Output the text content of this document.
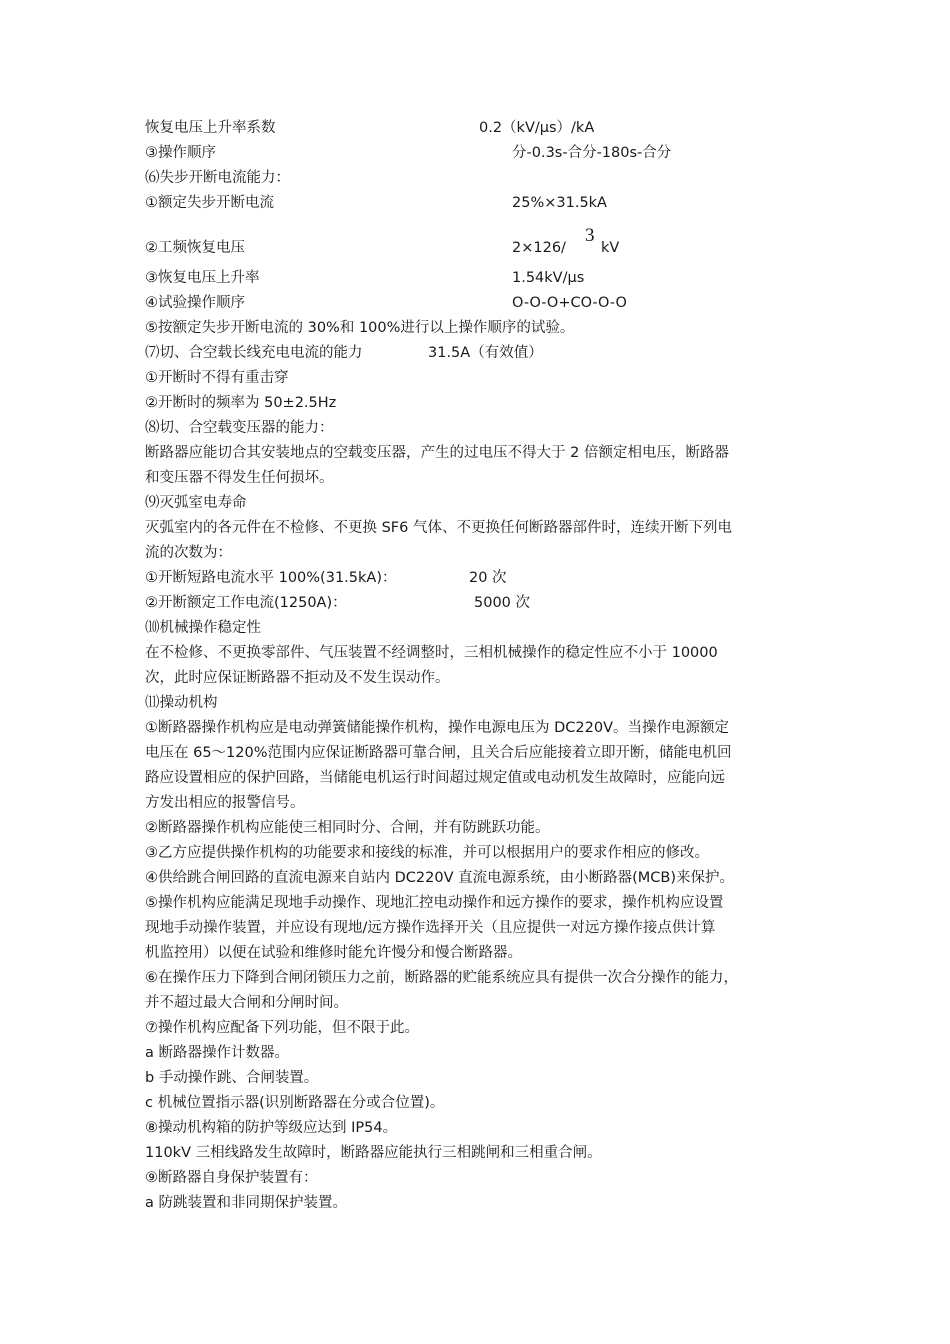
恢复电压上升率系数	0.2（kV/μs）/kA
③操作顺序	分-0.3s-合分-180s-合分
⑹失步开断电流能力：
①额定失步开断电流	25%×31.5kA
②工频恢复电压	2×126/
3
kV
③恢复电压上升率	1.54kV/μs
④试验操作顺序	O-O-O+CO-O-O
⑤按额定失步开断电流的 30%和 100%进行以上操作顺序的试验。
⑺切、合空载长线充电电流的能力	31.5A（有效值）
①开断时不得有重击穿
②开断时的频率为 50±2.5Hz
⑻切、合空载变压器的能力：
断路器应能切合其安装地点的空载变压器，产生的过电压不得大于 2 倍额定相电压，断路器
和变压器不得发生任何损坏。
⑼灭弧室电寿命
灭弧室内的各元件在不检修、不更换 SF6 气体、不更换任何断路器部件时，连续开断下列电
流的次数为：
①开断短路电流水平 100%(31.5kA)：	20 次
②开断额定工作电流(1250A)：	5000 次
⑽机械操作稳定性
在不检修、不更换零部件、气压装置不经调整时，三相机械操作的稳定性应不小于 10000
次，此时应保证断路器不拒动及不发生误动作。
⑾操动机构
①断路器操作机构应是电动弹簧储能操作机构，操作电源电压为 DC220V。当操作电源额定
电压在 65～120%范围内应保证断路器可靠合闸，且关合后应能接着立即开断，储能电机回
路应设置相应的保护回路，当储能电机运行时间超过规定值或电动机发生故障时，应能向远
方发出相应的报警信号。
②断路器操作机构应能使三相同时分、合闸，并有防跳跃功能。
③乙方应提供操作机构的功能要求和接线的标准，并可以根据用户的要求作相应的修改。
④供给跳合闸回路的直流电源来自站内 DC220V 直流电源系统，由小断路器(MCB)来保护。
⑤操作机构应能满足现地手动操作、现地汇控电动操作和远方操作的要求，操作机构应设置
现地手动操作装置，并应设有现地/远方操作选择开关（且应提供一对远方操作接点供计算
机监控用）以便在试验和维修时能允许慢分和慢合断路器。
⑥在操作压力下降到合闸闭锁压力之前，断路器的贮能系统应具有提供一次合分操作的能力，
并不超过最大合闸和分闸时间。
⑦操作机构应配备下列功能，但不限于此。
a 断路器操作计数器。
b 手动操作跳、合闸装置。
c 机械位置指示器(识别断路器在分或合位置)。
⑧操动机构箱的防护等级应达到 IP54。
110kV 三相线路发生故障时，断路器应能执行三相跳闸和三相重合闸。
⑨断路器自身保护装置有：
a 防跳装置和非同期保护装置。
